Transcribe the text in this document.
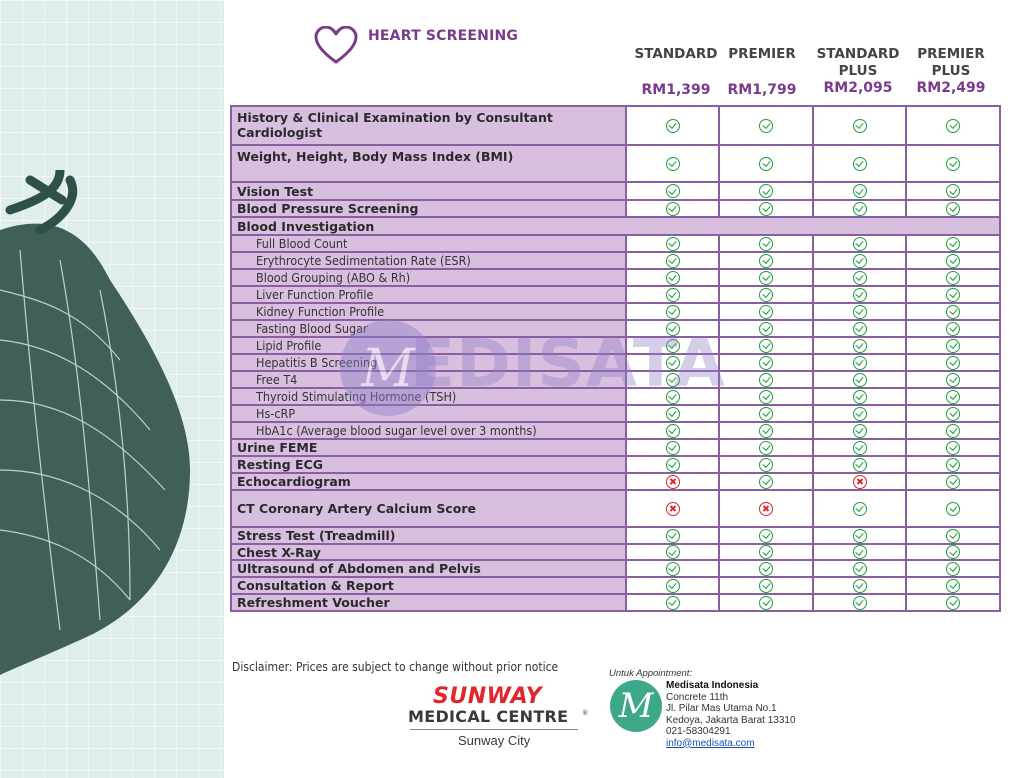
HEART SCREENING
STANDARD
RM1,399
PREMIER
RM1,799
STANDARD PLUS
RM2,095
PREMIER PLUS
RM2,499
History & Clinical Examination by Consultant Cardiologist
Weight, Height, Body Mass Index (BMI)
Vision Test
Blood Pressure Screening
Blood Investigation
Full Blood Count
Erythrocyte Sedimentation Rate (ESR)
Blood Grouping (ABO & Rh)
Liver Function Profile
Kidney Function Profile
Fasting Blood Sugar
Lipid Profile
Hepatitis B Screening
Free T4
Thyroid Stimulating Hormone (TSH)
Hs-cRP
HbA1c (Average blood sugar level over 3 months)
Urine FEME
Resting ECG
Echocardiogram
CT Coronary Artery Calcium Score
Stress Test (Treadmill)
Chest X-Ray
Ultrasound of Abdomen and Pelvis
Consultation & Report
Refreshment Voucher
M
EDISATA
Disclaimer: Prices are subject to change without prior notice
SUNWAY
MEDICAL CENTRE ®
Sunway City
Untuk Appointment:
M
Medisata Indonesia
Concrete 11th
Jl. Pilar Mas Utama No.1
Kedoya, Jakarta Barat 13310
021-58304291
info@medisata.com
